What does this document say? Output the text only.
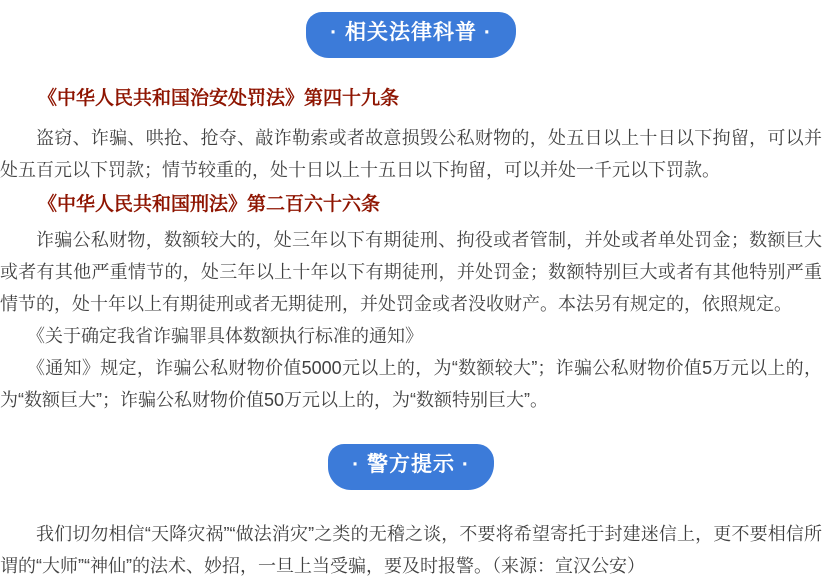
· 相关法律科普 ·
《中华人民共和国治安处罚法》第四十九条

盗窃、诈骗、哄抢、抢夺、敲诈勒索或者故意损毁公私财物的，处五日以上十日以下拘留，可以并处五百元以下罚款；情节较重的，处十日以上十五日以下拘留，可以并处一千元以下罚款。

《中华人民共和国刑法》第二百六十六条

诈骗公私财物，数额较大的，处三年以下有期徒刑、拘役或者管制，并处或者单处罚金；数额巨大或者有其他严重情节的，处三年以上十年以下有期徒刑，并处罚金；数额特别巨大或者有其他特别严重情节的，处十年以上有期徒刑或者无期徒刑，并处罚金或者没收财产。本法另有规定的，依照规定。

《关于确定我省诈骗罪具体数额执行标准的通知》

《通知》规定，诈骗公私财物价值5000元以上的，为“数额较大”；诈骗公私财物价值5万元以上的，为“数额巨大”；诈骗公私财物价值50万元以上的，为“数额特别巨大”。

· 警方提示 ·

我们切勿相信“天降灾祸”“做法消灾”之类的无稽之谈，不要将希望寄托于封建迷信上，更不要相信所谓的“大师”“神仙”的法术、妙招，一旦上当受骗，要及时报警。（来源：宣汉公安）
